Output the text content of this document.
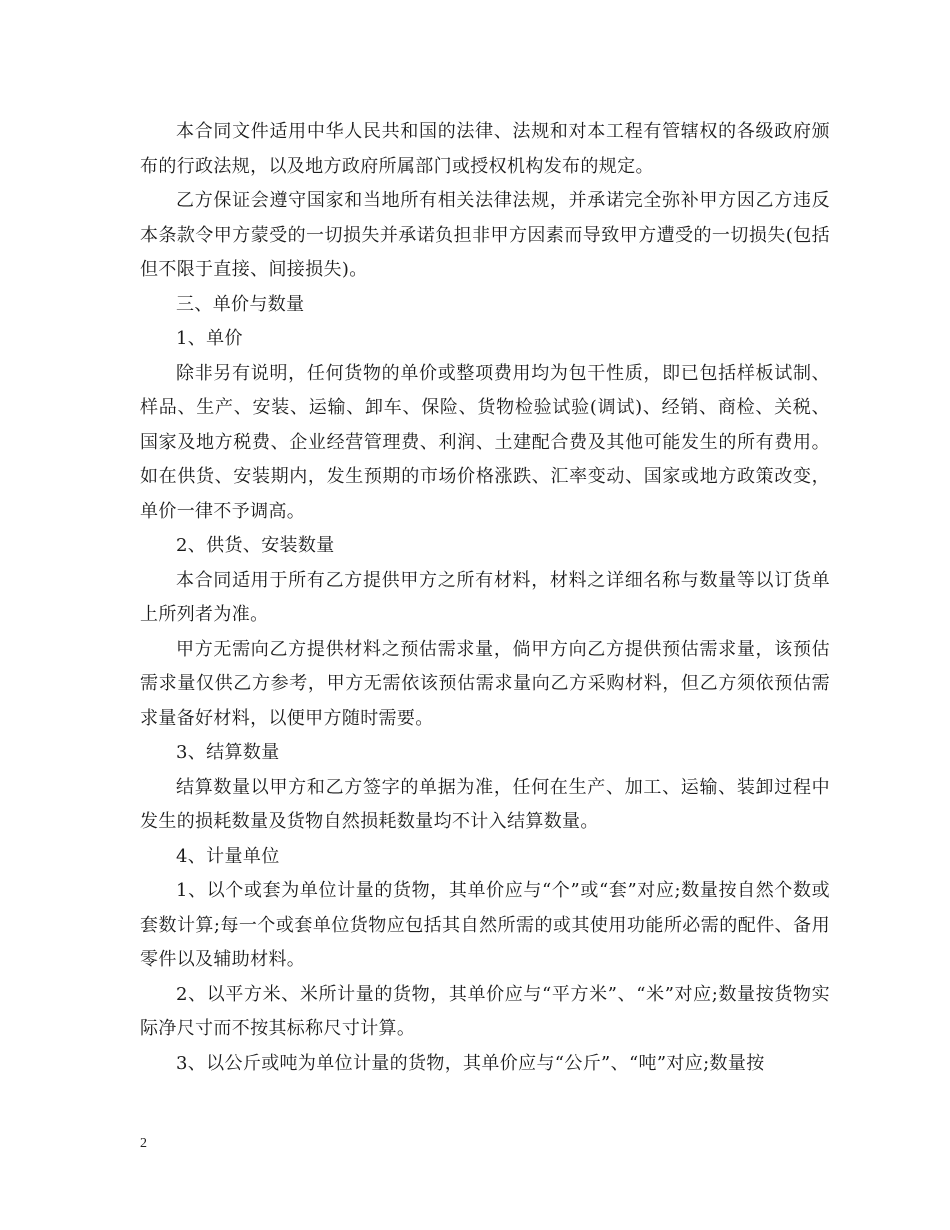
本合同文件适用中华人民共和国的法律、法规和对本工程有管辖权的各级政府颁布的行政法规，以及地方政府所属部门或授权机构发布的规定。

乙方保证会遵守国家和当地所有相关法律法规，并承诺完全弥补甲方因乙方违反本条款令甲方蒙受的一切损失并承诺负担非甲方因素而导致甲方遭受的一切损失(包括但不限于直接、间接损失)。

三、单价与数量

1、单价

除非另有说明，任何货物的单价或整项费用均为包干性质，即已包括样板试制、样品、生产、安装、运输、卸车、保险、货物检验试验(调试)、经销、商检、关税、国家及地方税费、企业经营管理费、利润、土建配合费及其他可能发生的所有费用。如在供货、安装期内，发生预期的市场价格涨跌、汇率变动、国家或地方政策改变，单价一律不予调高。

2、供货、安装数量

本合同适用于所有乙方提供甲方之所有材料，材料之详细名称与数量等以订货单上所列者为准。

甲方无需向乙方提供材料之预估需求量，倘甲方向乙方提供预估需求量，该预估需求量仅供乙方参考，甲方无需依该预估需求量向乙方采购材料，但乙方须依预估需求量备好材料，以便甲方随时需要。

3、结算数量

结算数量以甲方和乙方签字的单据为准，任何在生产、加工、运输、装卸过程中发生的损耗数量及货物自然损耗数量均不计入结算数量。

4、计量单位

1、以个或套为单位计量的货物，其单价应与“个”或“套”对应;数量按自然个数或套数计算;每一个或套单位货物应包括其自然所需的或其使用功能所必需的配件、备用零件以及辅助材料。

2、以平方米、米所计量的货物，其单价应与“平方米”、“米”对应;数量按货物实际净尺寸而不按其标称尺寸计算。

3、以公斤或吨为单位计量的货物，其单价应与“公斤”、“吨”对应;数量按

2
